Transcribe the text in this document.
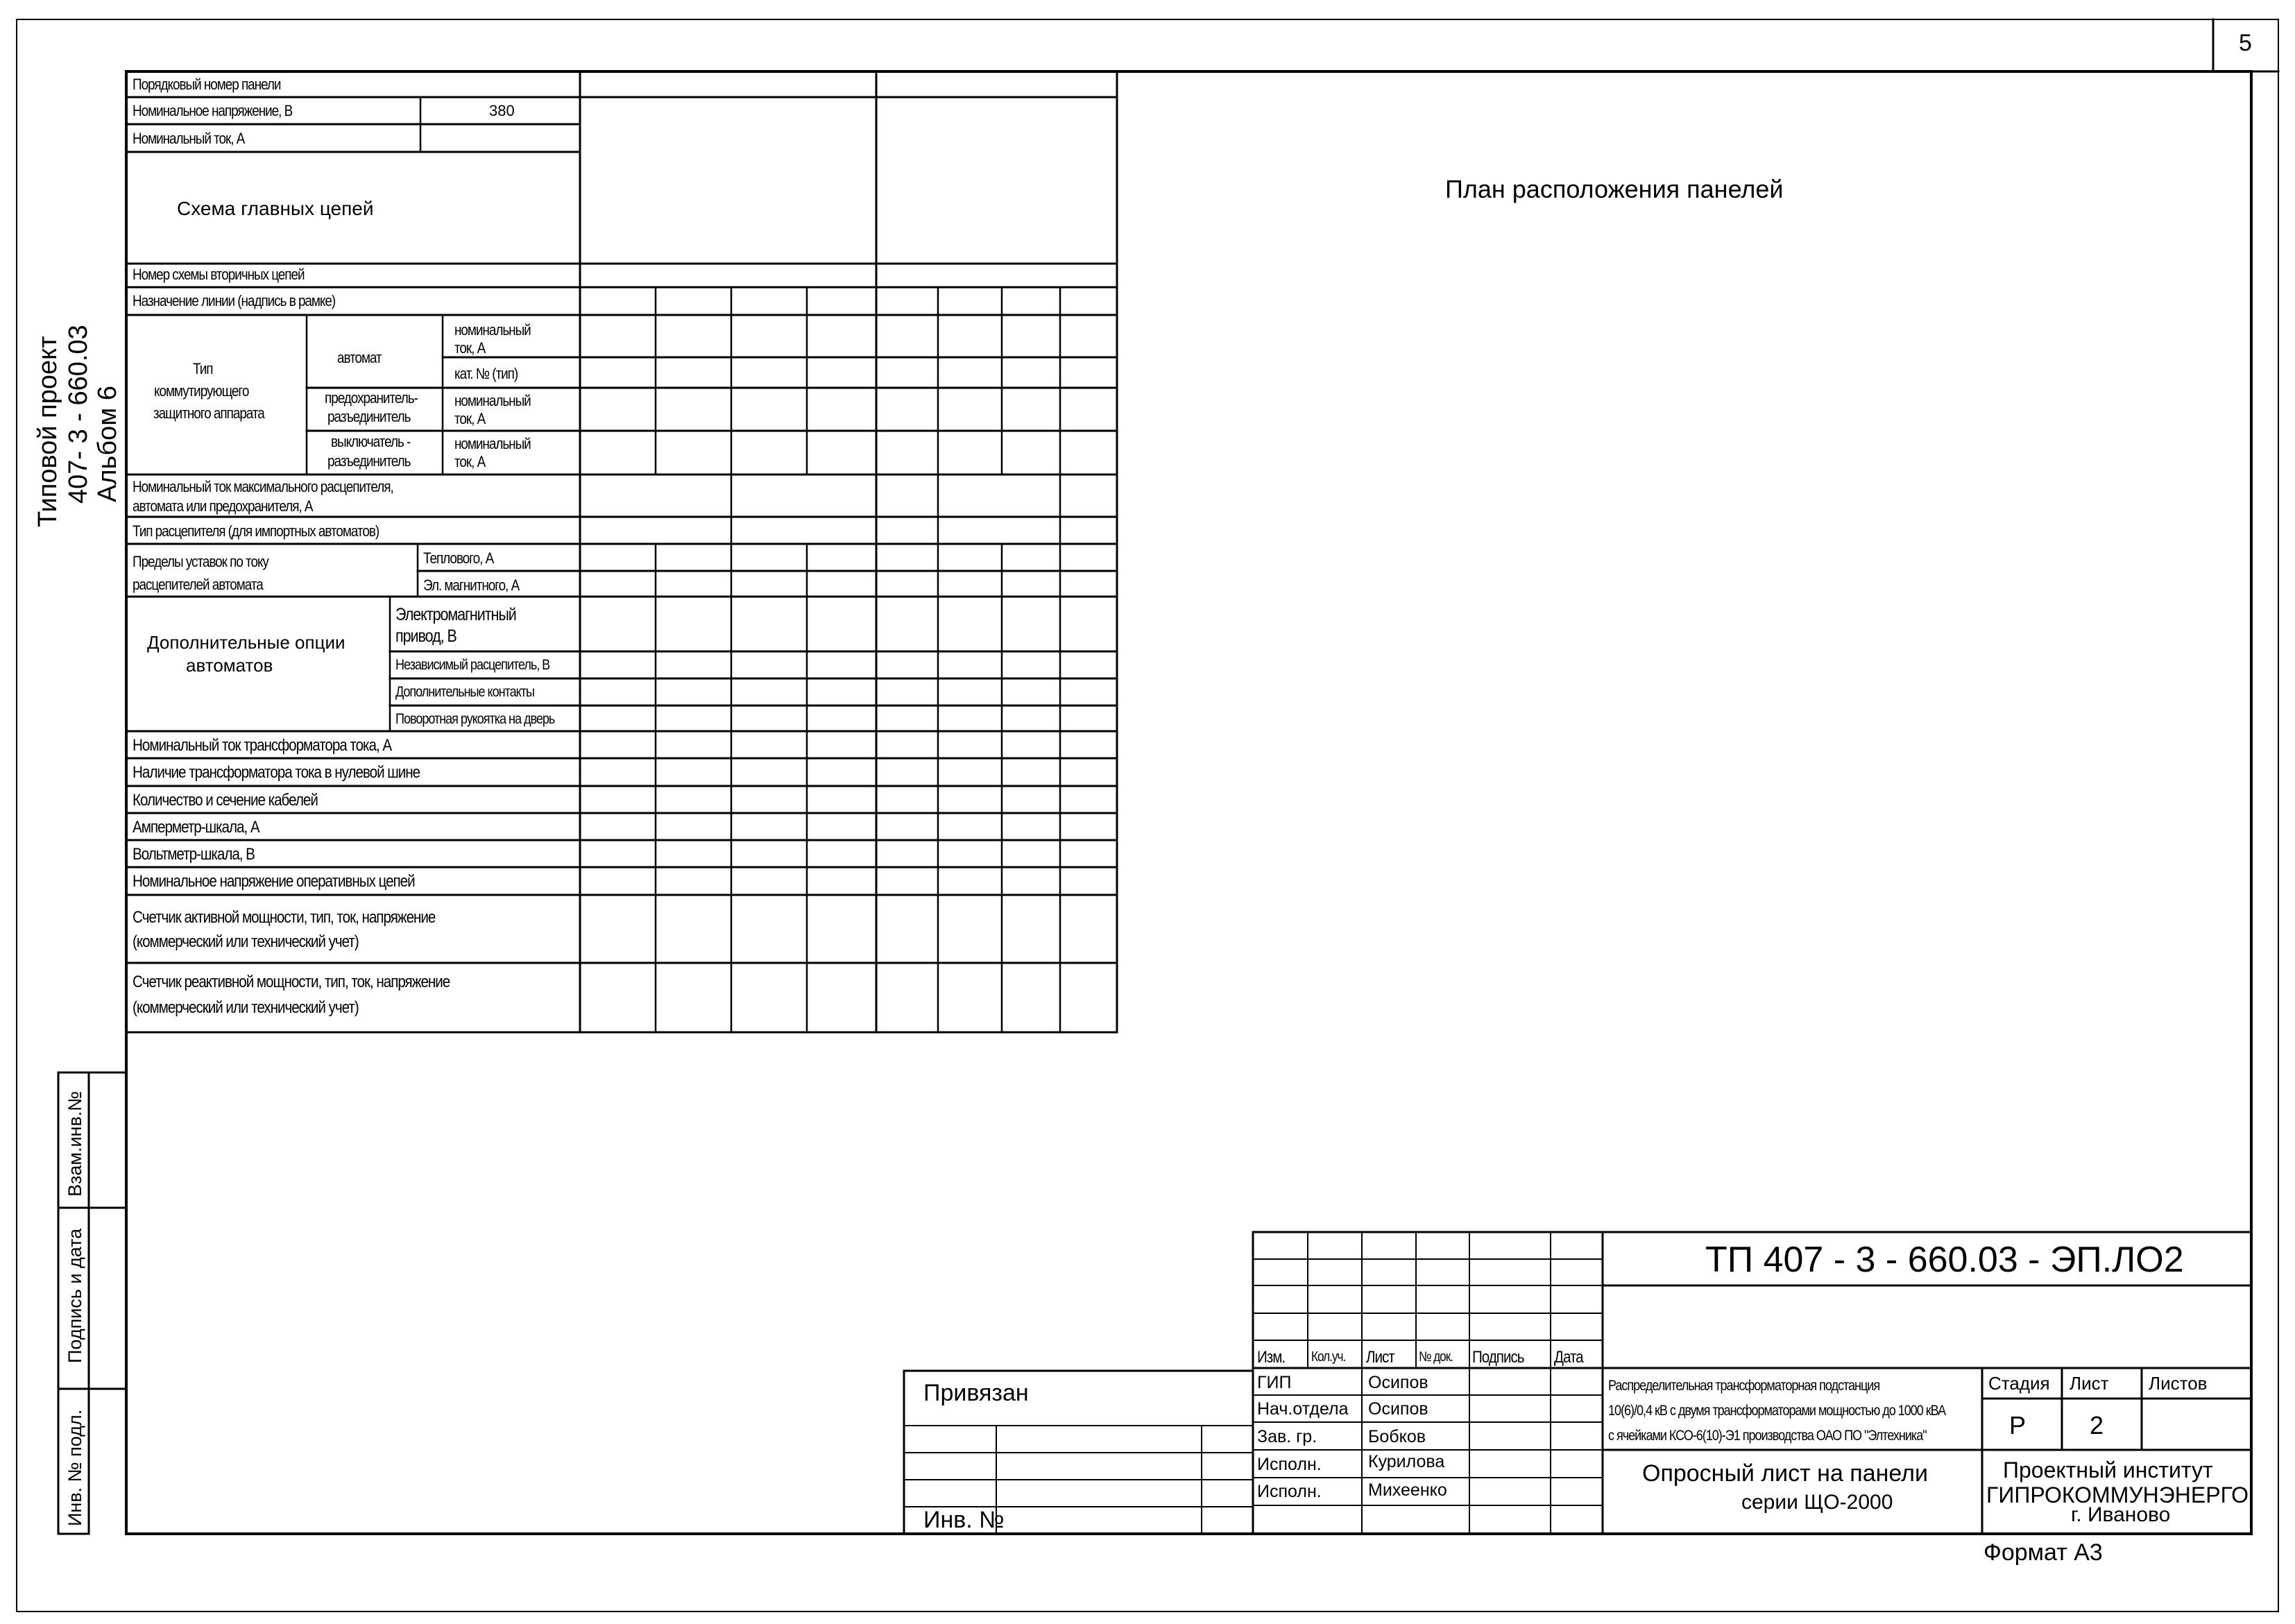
5
План расположения панелей
Типовой проект 407- 3 - 660.03 Альбом 6
Взам.инв.№
Подпись и дата
Инв. № подл.
Порядковый номер панели
Номинальное напряжение, В	380
Номинальный ток, А
Схема главных цепей
Номер схемы вторичных цепей
Назначение линии (надпись в рамке)
Тип
коммутирующего
защитного аппарата
автомат
номинальный
ток, А
кат. № (тип)
предохранитель-
разъединитель
номинальный
ток, А
выключатель -
разъединитель
номинальный
ток, А
Номинальный ток максимального расцепителя,
автомата или предохранителя, А
Тип расцепителя (для импортных автоматов)
Пределы уставок по току
расцепителей автомата
Теплового, А
Эл. магнитного, А
Дополнительные опции
автоматов
Электромагнитный
привод, В
Независимый расцепитель, В
Дополнительные контакты
Поворотная рукоятка на дверь
Номинальный ток трансформатора тока, А
Наличие трансформатора тока в нулевой шине
Количество и сечение кабелей
Амперметр-шкала, А
Вольтметр-шкала, В
Номинальное напряжение оперативных цепей
Счетчик активной мощности, тип, ток, напряжение
(коммерческий или технический учет)
Счетчик реактивной мощности, тип, ток, напряжение
(коммерческий или технический учет)
Привязан
Инв. №
ТП 407 - 3 - 660.03 - ЭП.ЛО2
Изм. Кол.уч. Лист № док. Подпись Дата
ГИП
Нач.отдела
Зав. гр.
Исполн.
Исполн.
Осипов
Осипов
Бобков
Курилова
Михеенко
Распределительная трансформаторная подстанция
10(6)/0,4 кВ с двумя трансформаторами мощностью до 1000 кВА
с ячейками КСО-6(10)-Э1 производства ОАО ПО "Элтехника"
Опросный лист на панели
серии ЩО-2000
Стадия Лист Листов
Р	2
Проектный институт
ГИПРОКОММУНЭНЕРГО
г. Иваново
Формат А3
